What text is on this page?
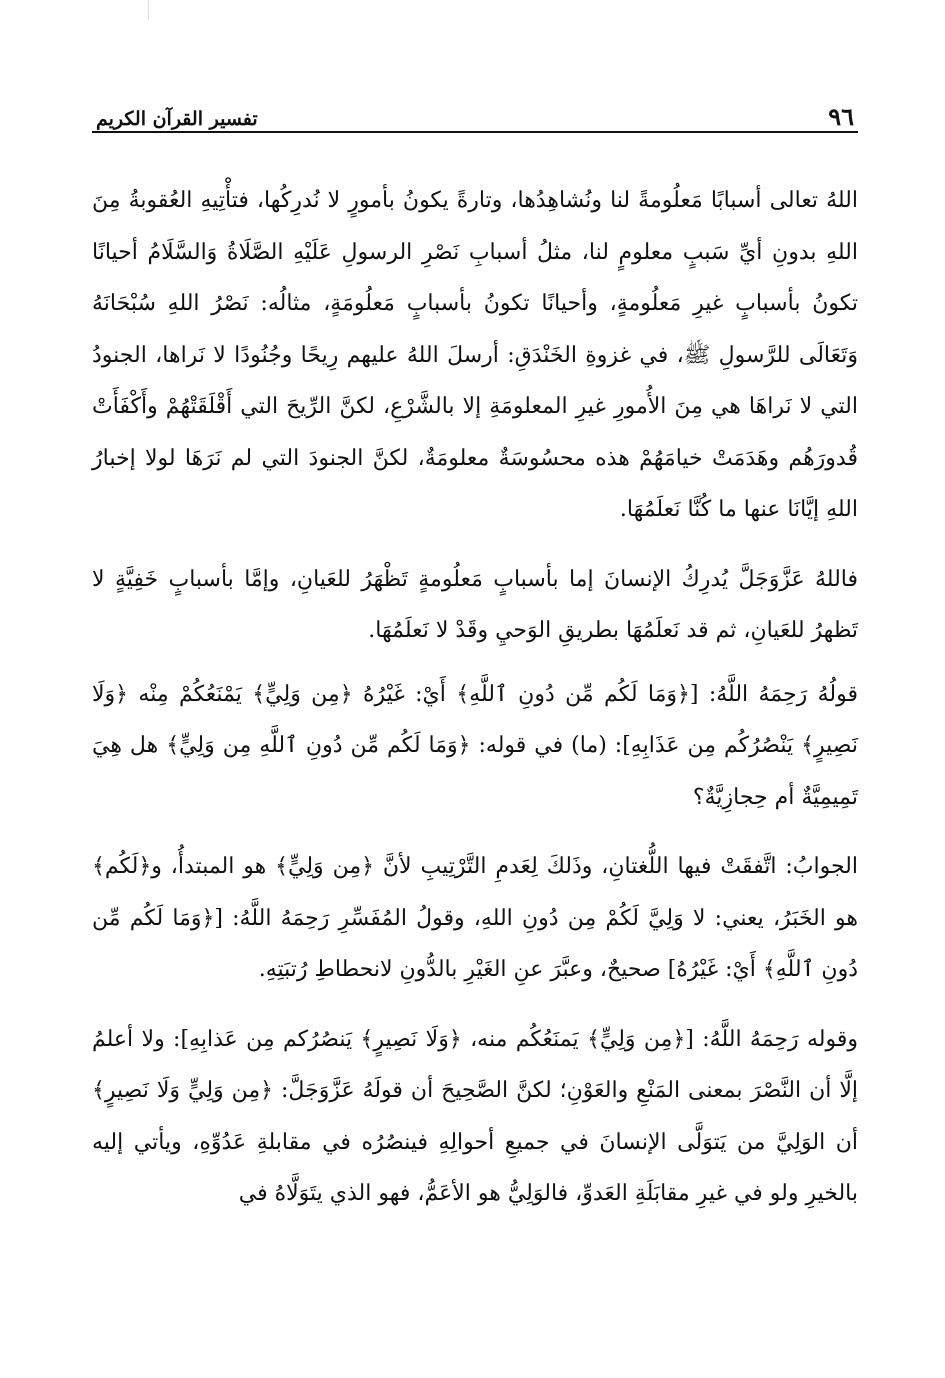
٩٦
تفسير القرآن الكريم

اللهُ تعالى أسبابًا مَعلُومةً لنا ونُشاهِدُها، وتارةً يكونُ بأمورٍ لا نُدرِكُها، فتأْتِيهِ العُقوبةُ مِنَ اللهِ بدونِ أيِّ سَببٍ معلومٍ لنا، مثلُ أسبابِ نَصْرِ الرسولِ عَلَيْهِ الصَّلَاةُ وَالسَّلَامُ أحيانًا تكونُ بأسبابٍ غيرِ مَعلُومةٍ، وأحيانًا تكونُ بأسبابٍ مَعلُومَةٍ، مثالُه: نَصْرُ اللهِ سُبْحَانَهُ وَتَعَالَى للرَّسولِ ﷺ، في غزوةِ الخَنْدَقِ: أرسلَ اللهُ عليهم رِيحًا وجُنُودًا لا نَراها، الجنودُ التي لا نَراهَا هي مِنَ الأُمورِ غيرِ المعلومَةِ إلا بالشَّرْعِ، لكنَّ الرِّيحَ التي أَقْلَقَتْهُمْ وأَكْفَأَتْ قُدورَهُم وهَدَمَتْ خيامَهُمْ هذه محسُوسَةٌ معلومَةٌ، لكنَّ الجنودَ التي لم نَرَهَا لولا إخبارُ اللهِ إيَّانَا عنها ما كُنَّا نَعلَمُهَا.

فاللهُ عَزَّوَجَلَّ يُدرِكُ الإنسانَ إما بأسبابٍ مَعلُومةٍ تَظْهَرُ للعَيانِ، وإمَّا بأسبابٍ خَفِيَّةٍ لا تَظهرُ للعَيانِ، ثم قد نَعلَمُهَا بطريقِ الوَحيِ وقَدْ لا نَعلَمُهَا.

قولُهُ رَحِمَهُ اللَّهُ: [﴿وَمَا لَكُم مِّن دُونِ ٱللَّهِ﴾ أَيْ: غَيْرُهُ ﴿مِن وَلِيٍّ﴾ يَمْنَعُكُمْ مِنْه ﴿وَلَا نَصِيرٍ﴾ يَنْصُرُكُم مِن عَذَابِهِ]: (ما) في قوله: ﴿وَمَا لَكُم مِّن دُونِ ٱللَّهِ مِن وَلِيٍّ﴾ هل هِيَ تَمِيمِيَّةٌ أم حِجازِيَّةٌ؟

الجوابُ: اتَّفقَتْ فيها اللُّغتانِ، وذَلكَ لِعَدمِ التَّرْتِيبِ لأنَّ ﴿مِن وَلِيٍّ﴾ هو المبتدأُ، و﴿لَكُم﴾ هو الخَبَرُ، يعني: لا وَلِيَّ لَكُمْ مِن دُونِ اللهِ، وقولُ المُفَسِّرِ رَحِمَهُ اللَّهُ: [﴿وَمَا لَكُم مِّن دُونِ ٱللَّهِ﴾ أَيْ: غَيْرُهُ] صحيحٌ، وعبَّرَ عنِ الغَيْرِ بالدُّونِ لانحطاطِ رُتبَتِهِ.

وقوله رَحِمَهُ اللَّهُ: [﴿مِن وَلِيٍّ﴾ يَمنَعُكُم منه، ﴿وَلَا نَصِيرٍ﴾ يَنصُرُكم مِن عَذابِهِ]: ولا أعلمُ إلَّا أن النَّصْرَ بمعنى المَنْعِ والعَوْنِ؛ لكنَّ الصَّحِيحَ أن قولَهُ عَزَّوَجَلَّ: ﴿مِن وَلِيٍّ وَلَا نَصِيرٍ﴾ أن الوَلِيَّ من يَتوَلَّى الإنسانَ في جميعِ أحوالِهِ فينصُرُه في مقابلةِ عَدُوِّهِ، ويأتي إليه بالخيرِ ولو في غيرِ مقابَلَةِ العَدوِّ، فالوَلِيُّ هو الأعَمُّ، فهو الذي يتَوَلَّاهُ في
